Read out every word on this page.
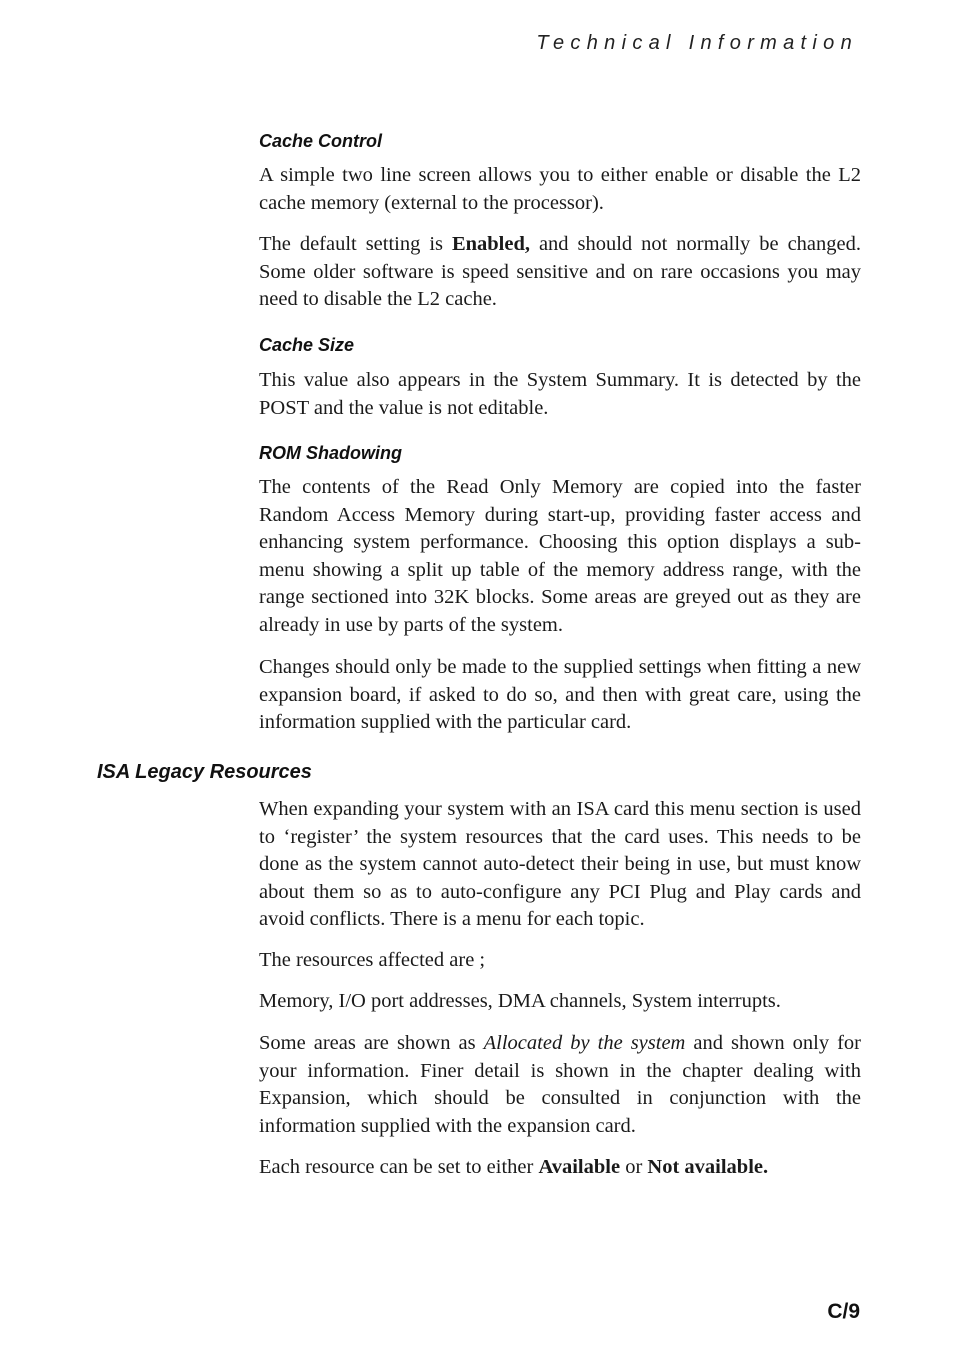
Technical Information
Cache Control

A simple two line screen allows you to either enable or disable the L2 cache memory (external to the processor).

The default setting is Enabled, and should not normally be changed. Some older software is speed sensitive and on rare occasions you may need to disable the L2 cache.

Cache Size

This value also appears in the System Summary. It is detected by the POST and the value is not editable.

ROM Shadowing

The contents of the Read Only Memory are copied into the faster Random Access Memory during start-up, providing faster access and enhancing system performance. Choosing this option displays a sub-menu showing a split up table of the memory address range, with the range sectioned into 32K blocks. Some areas are greyed out as they are already in use by parts of the system.

Changes should only be made to the supplied settings when fitting a new expansion board, if asked to do so, and then with great care, using the information supplied with the particular card.

ISA Legacy Resources

When expanding your system with an ISA card this menu section is used to ‘register’ the system resources that the card uses. This needs to be done as the system cannot auto-detect their being in use, but must know about them so as to auto-configure any PCI Plug and Play cards and avoid conflicts. There is a menu for each topic.

The resources affected are ;

Memory, I/O port addresses, DMA channels, System interrupts.

Some areas are shown as Allocated by the system and shown only for your information. Finer detail is shown in the chapter dealing with Expansion, which should be consulted in conjunction with the information supplied with the expansion card.

Each resource can be set to either Available or Not available.

C/9
